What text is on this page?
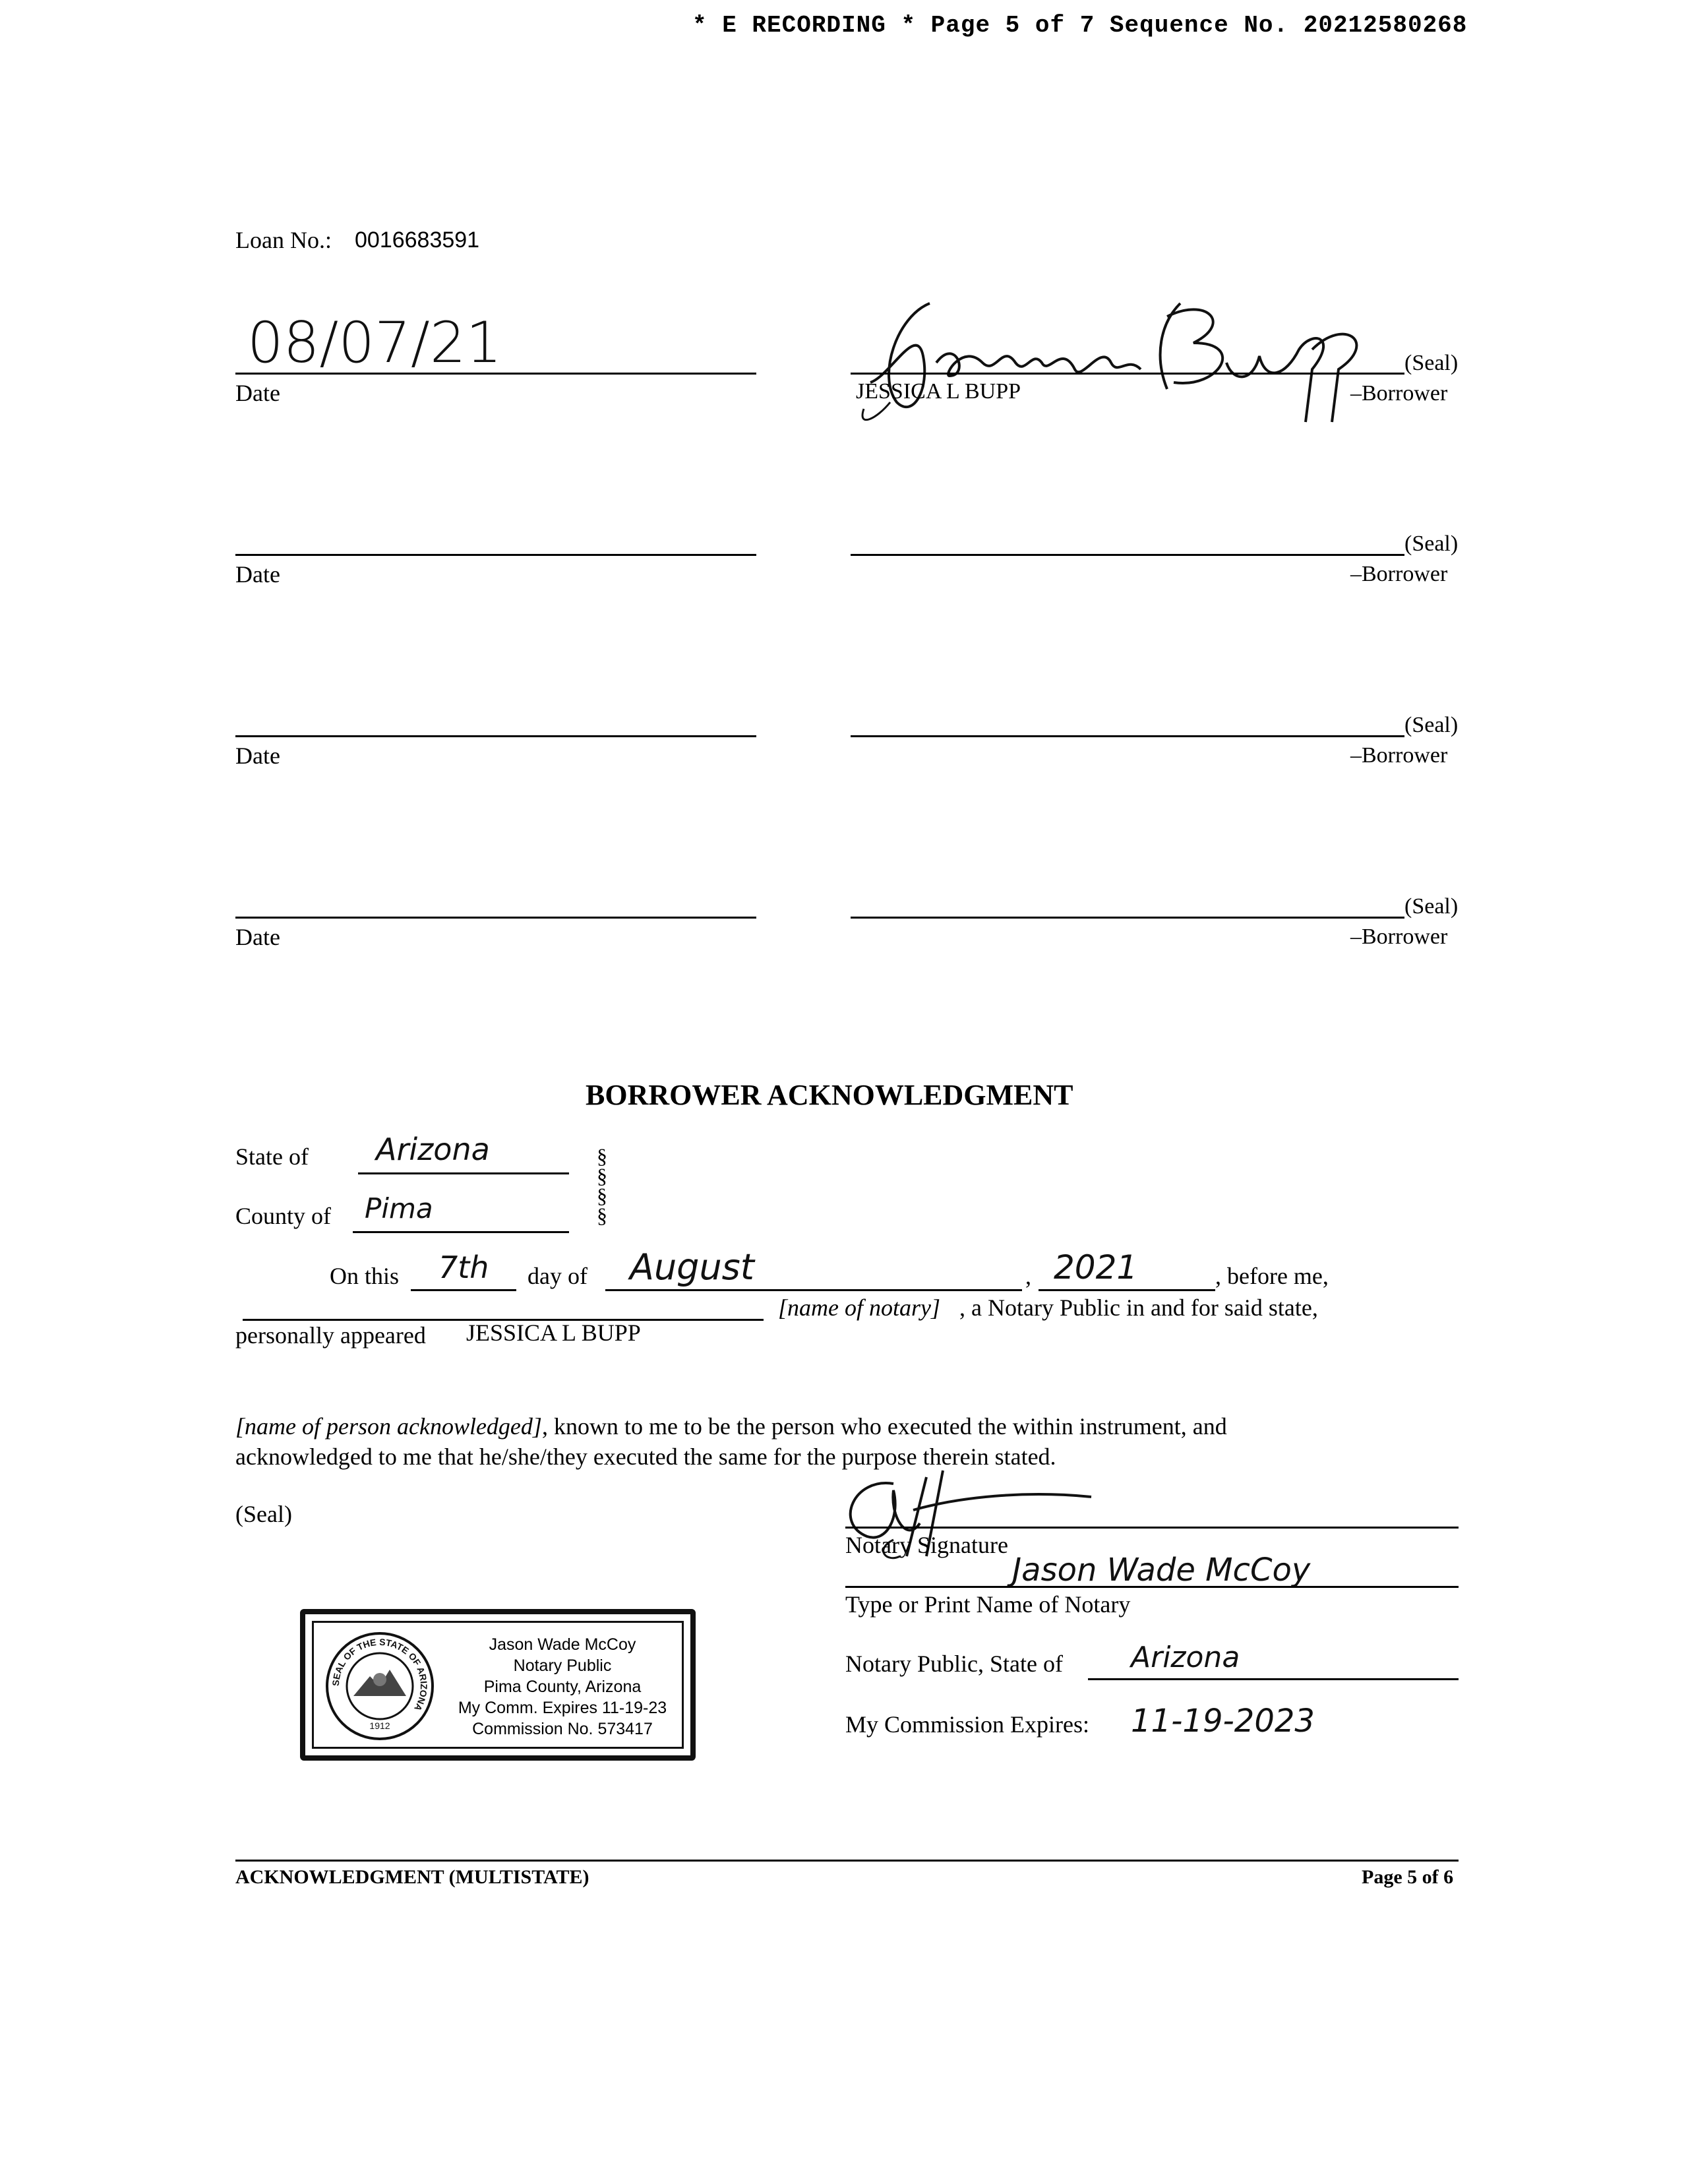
* E RECORDING * Page 5 of 7 Sequence No. 20212580268
Loan No.: 0016683591
08/07/21
Date
(Seal)
JESSICA L BUPP	–Borrower
Date
(Seal)
–Borrower
Date
(Seal)
–Borrower
Date
(Seal)
–Borrower
BORROWER ACKNOWLEDGMENT
State of Arizona	§
§
§
§
County of Pima
On this 7th day of August	, 2021	, before me,
[name of notary] , a Notary Public in and for said state,
personally appeared JESSICA L BUPP
[name of person acknowledged], known to me to be the person who executed the within instrument, and
acknowledged to me that he/she/they executed the same for the purpose therein stated.
(Seal)
Notary Signature
Jason Wade McCoy
Type or Print Name of Notary
Notary Public, State of Arizona
My Commission Expires: 11-19-2023
SEAL OF THE STATE OF ARIZONA
1912
Jason Wade McCoy
Notary Public
Pima County, Arizona
My Comm. Expires 11-19-23
Commission No. 573417
ACKNOWLEDGMENT (MULTISTATE)	Page 5 of 6
